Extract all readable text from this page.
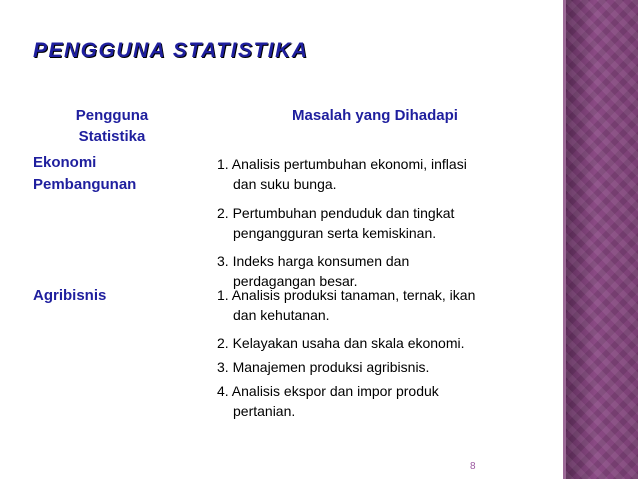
PENGGUNA STATISTIKA
Pengguna
Statistika
Masalah yang Dihadapi
Ekonomi
Pembangunan
1. Analisis pertumbuhan ekonomi, inflasi
dan suku bunga.
2. Pertumbuhan penduduk dan tingkat
pengangguran serta kemiskinan.
3. Indeks harga konsumen dan
perdagangan besar.
Agribisnis	1. Analisis produksi tanaman, ternak, ikan
dan kehutanan.
2. Kelayakan usaha dan skala ekonomi.
3. Manajemen produksi agribisnis.
4. Analisis ekspor dan impor produk
pertanian.
8
